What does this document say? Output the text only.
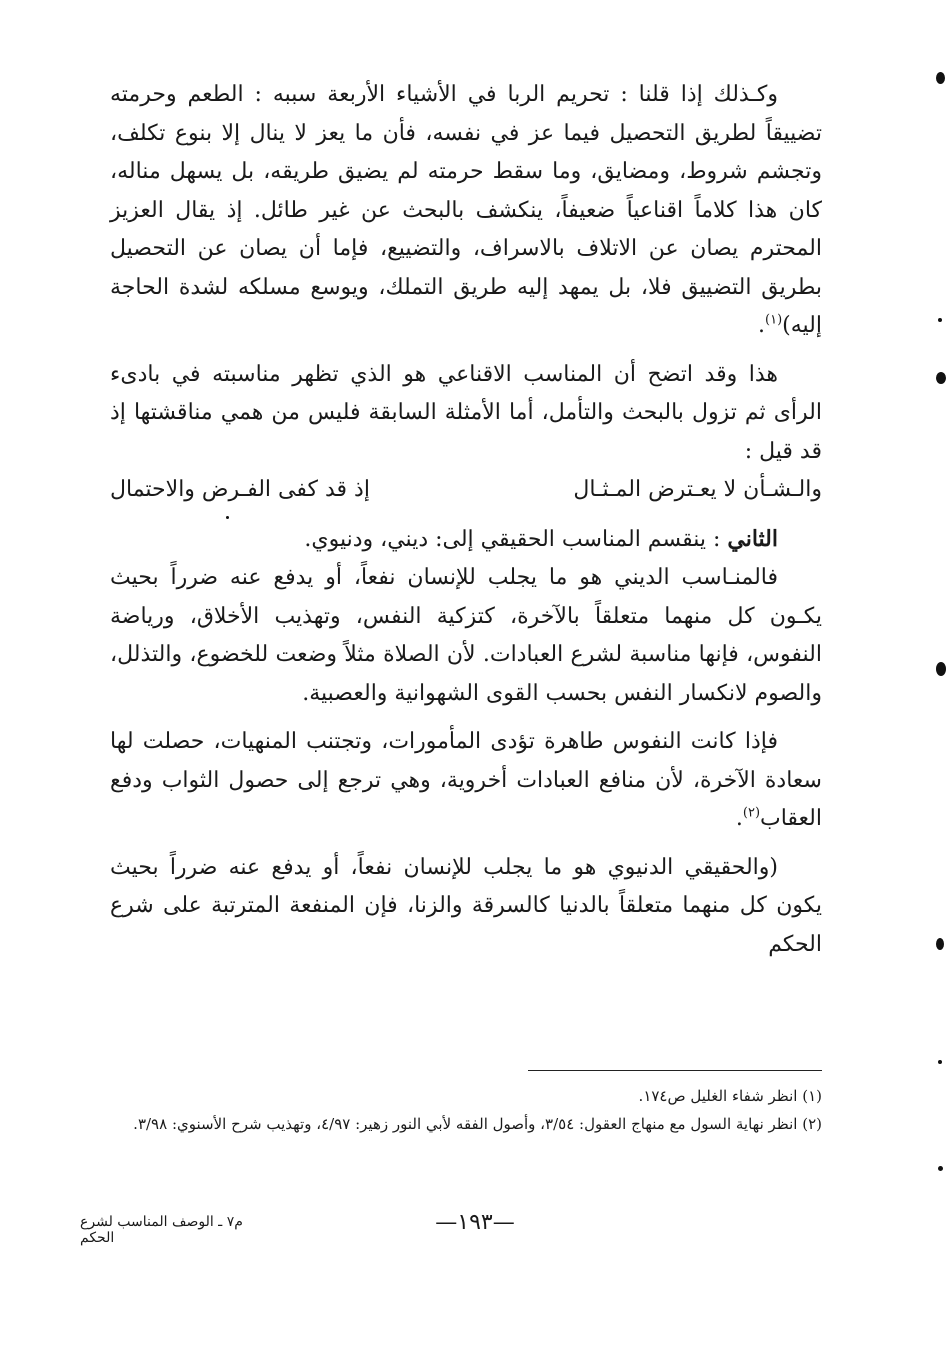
وكـذلك إذا قلنا : تحريم الربا في الأشياء الأربعة سببه : الطعم وحرمته تضييقاً لطريق التحصيل فيما عز في نفسه، فأن ما يعز لا ينال إلا بنوع تكلف، وتجشم شروط، ومضايق، وما سقط حرمته لم يضيق طريقه، بل يسهل مناله، كان هذا كلاماً اقناعياً ضعيفاً، ينكشف بالبحث عن غير طائل. إذ يقال العزيز المحترم يصان عن الاتلاف بالاسراف، والتضييع، فإما أن يصان عن التحصيل بطريق التضييق فلا، بل يمهد إليه طريق التملك، ويوسع مسلكه لشدة الحاجة إليه)$^{(١)}$.

هذا وقد اتضح أن المناسب الاقناعي هو الذي تظهر مناسبته في بادىء الرأى ثم تزول بالبحث والتأمل، أما الأمثلة السابقة فليس من همي مناقشتها إذ قد قيل :

والـشـأن لا يعـترض المـثـال
إذ قد كفى الفـرض والاحتمال

الثاني : ينقسم المناسب الحقيقي إلى: ديني، ودنيوي.

فالمنـاسب الديني هو ما يجلب للإنسان نفعاً، أو يدفع عنه ضرراً بحيث يكـون كل منهما متعلقاً بالآخرة، كتزكية النفس، وتهذيب الأخلاق، ورياضة النفوس، فإنها مناسبة لشرع العبادات. لأن الصلاة مثلاً وضعت للخضوع، والتذلل، والصوم لانكسار النفس بحسب القوى الشهوانية والعصبية.

فإذا كانت النفوس طاهرة تؤدى المأمورات، وتجتنب المنهيات، حصلت لها سعادة الآخرة، لأن منافع العبادات أخروية، وهي ترجع إلى حصول الثواب ودفع العقاب$^{(٢)}$.

(والحقيقي الدنيوي هو ما يجلب للإنسان نفعاً، أو يدفع عنه ضرراً بحيث يكون كل منهما متعلقاً بالدنيا كالسرقة والزنا، فإن المنفعة المترتبة على شرع الحكم

(١) انظر شفاء الغليل ص١٧٤.

(٢) انظر نهاية السول مع منهاج العقول: ٣/٥٤، وأصول الفقه لأبي النور زهير: ٤/٩٧، وتهذيب شرح الأسنوي: ٣/٩٨.

—١٩٣—
م٧ ـ الوصف المناسب لشرع الحكم
